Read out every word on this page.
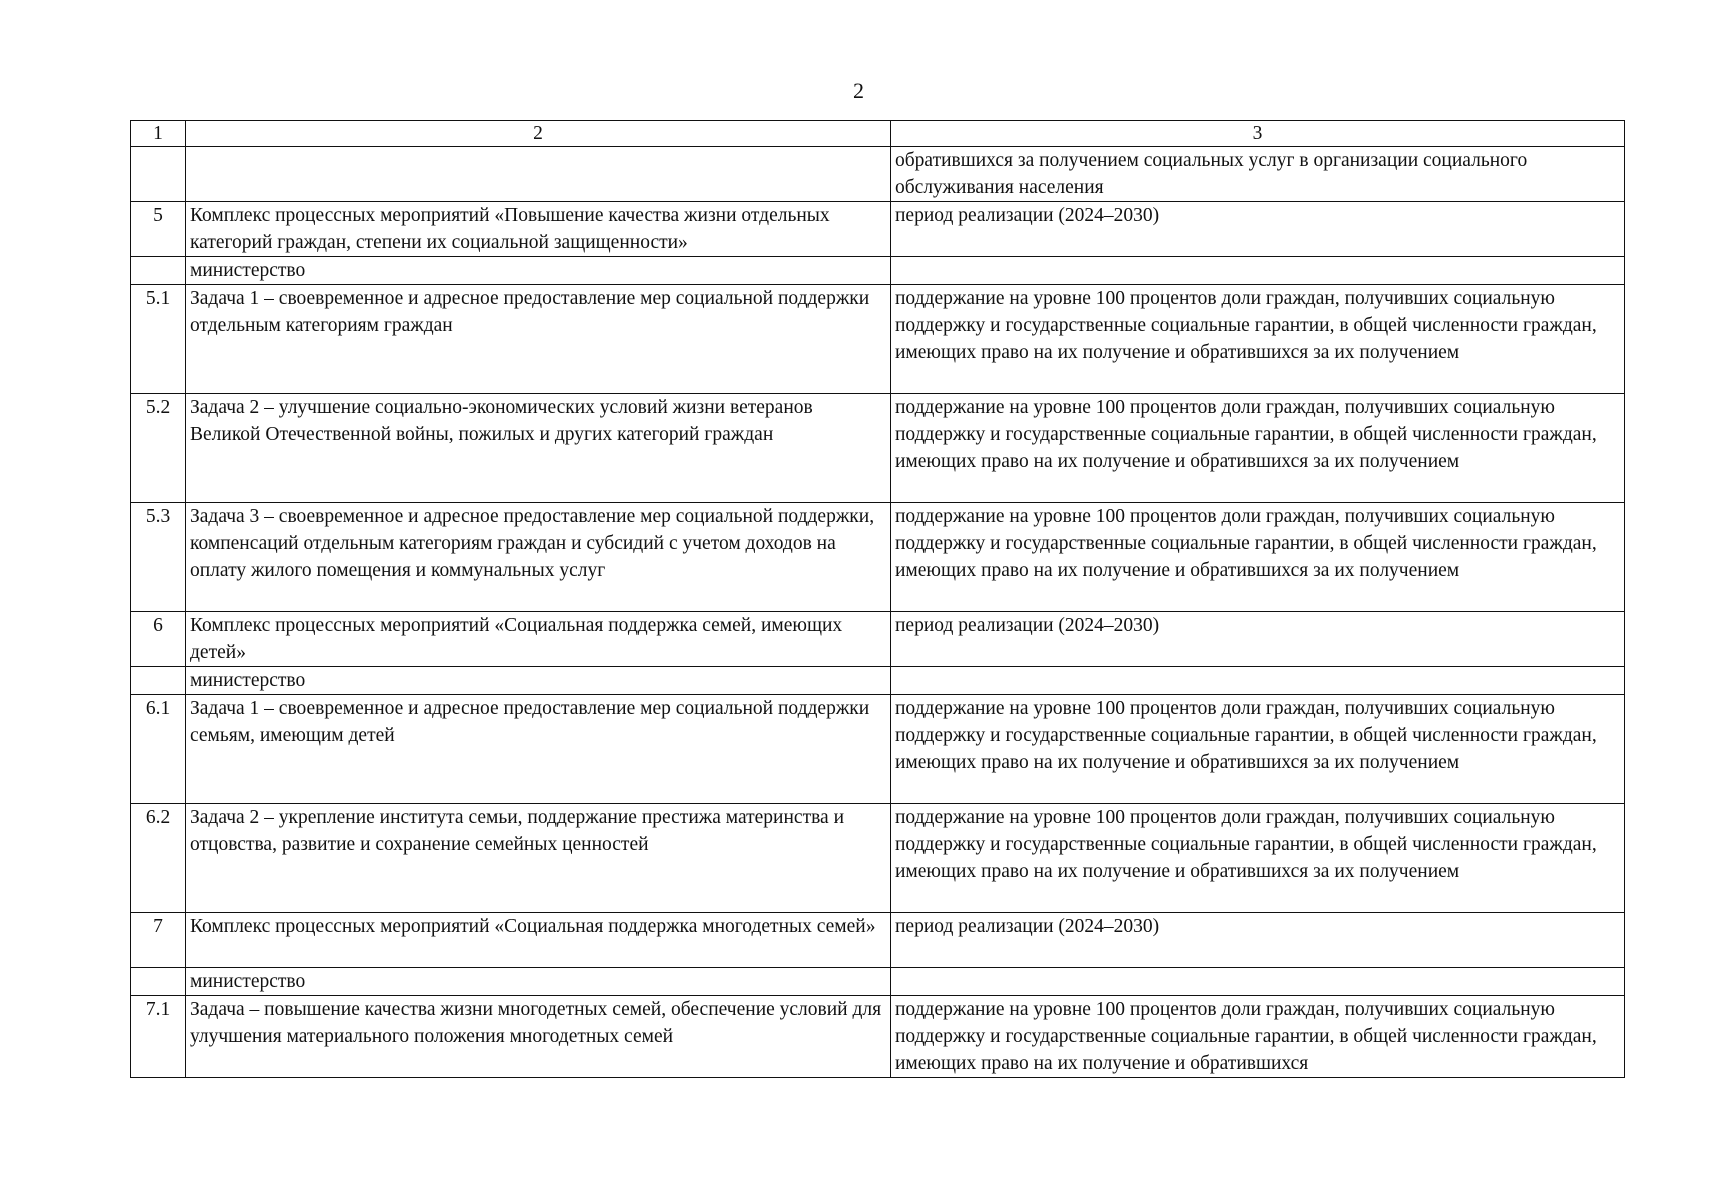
2
1	2	3
		обратившихся за получением социальных услуг в организации социального обслуживания населения
5	Комплекс процессных мероприятий «Повышение качества жизни отдельных категорий граждан, степени их социальной защищенности»	период реализации (2024–2030)
	министерство	
5.1	Задача 1 – своевременное и адресное предоставление мер социальной поддержки отдельным категориям граждан	поддержание на уровне 100 процентов доли граждан, получивших социальную поддержку и государственные социальные гарантии, в общей численности граждан, имеющих право на их получение и обратившихся за их получением
5.2	Задача 2 – улучшение социально-экономических условий жизни ветеранов Великой Отечественной войны, пожилых и других категорий граждан	поддержание на уровне 100 процентов доли граждан, получивших социальную поддержку и государственные социальные гарантии, в общей численности граждан, имеющих право на их получение и обратившихся за их получением
5.3	Задача 3 – своевременное и адресное предоставление мер социальной поддержки, компенсаций отдельным категориям граждан и субсидий с учетом доходов на оплату жилого помещения и коммунальных услуг	поддержание на уровне 100 процентов доли граждан, получивших социальную поддержку и государственные социальные гарантии, в общей численности граждан, имеющих право на их получение и обратившихся за их получением
6	Комплекс процессных мероприятий «Социальная поддержка семей, имеющих детей»	период реализации (2024–2030)
	министерство	
6.1	Задача 1 – своевременное и адресное предоставление мер социальной поддержки семьям, имеющим детей	поддержание на уровне 100 процентов доли граждан, получивших социальную поддержку и государственные социальные гарантии, в общей численности граждан, имеющих право на их получение и обратившихся за их получением
6.2	Задача 2 – укрепление института семьи, поддержание престижа материнства и отцовства, развитие и сохранение семейных ценностей	поддержание на уровне 100 процентов доли граждан, получивших социальную поддержку и государственные социальные гарантии, в общей численности граждан, имеющих право на их получение и обратившихся за их получением
7	Комплекс процессных мероприятий «Социальная поддержка многодетных семей»	период реализации (2024–2030)
	министерство	
7.1	Задача – повышение качества жизни многодетных семей, обеспечение условий для улучшения материального положения многодетных семей	поддержание на уровне 100 процентов доли граждан, получивших социальную поддержку и государственные социальные гарантии, в общей численности граждан, имеющих право на их получение и обратившихся
